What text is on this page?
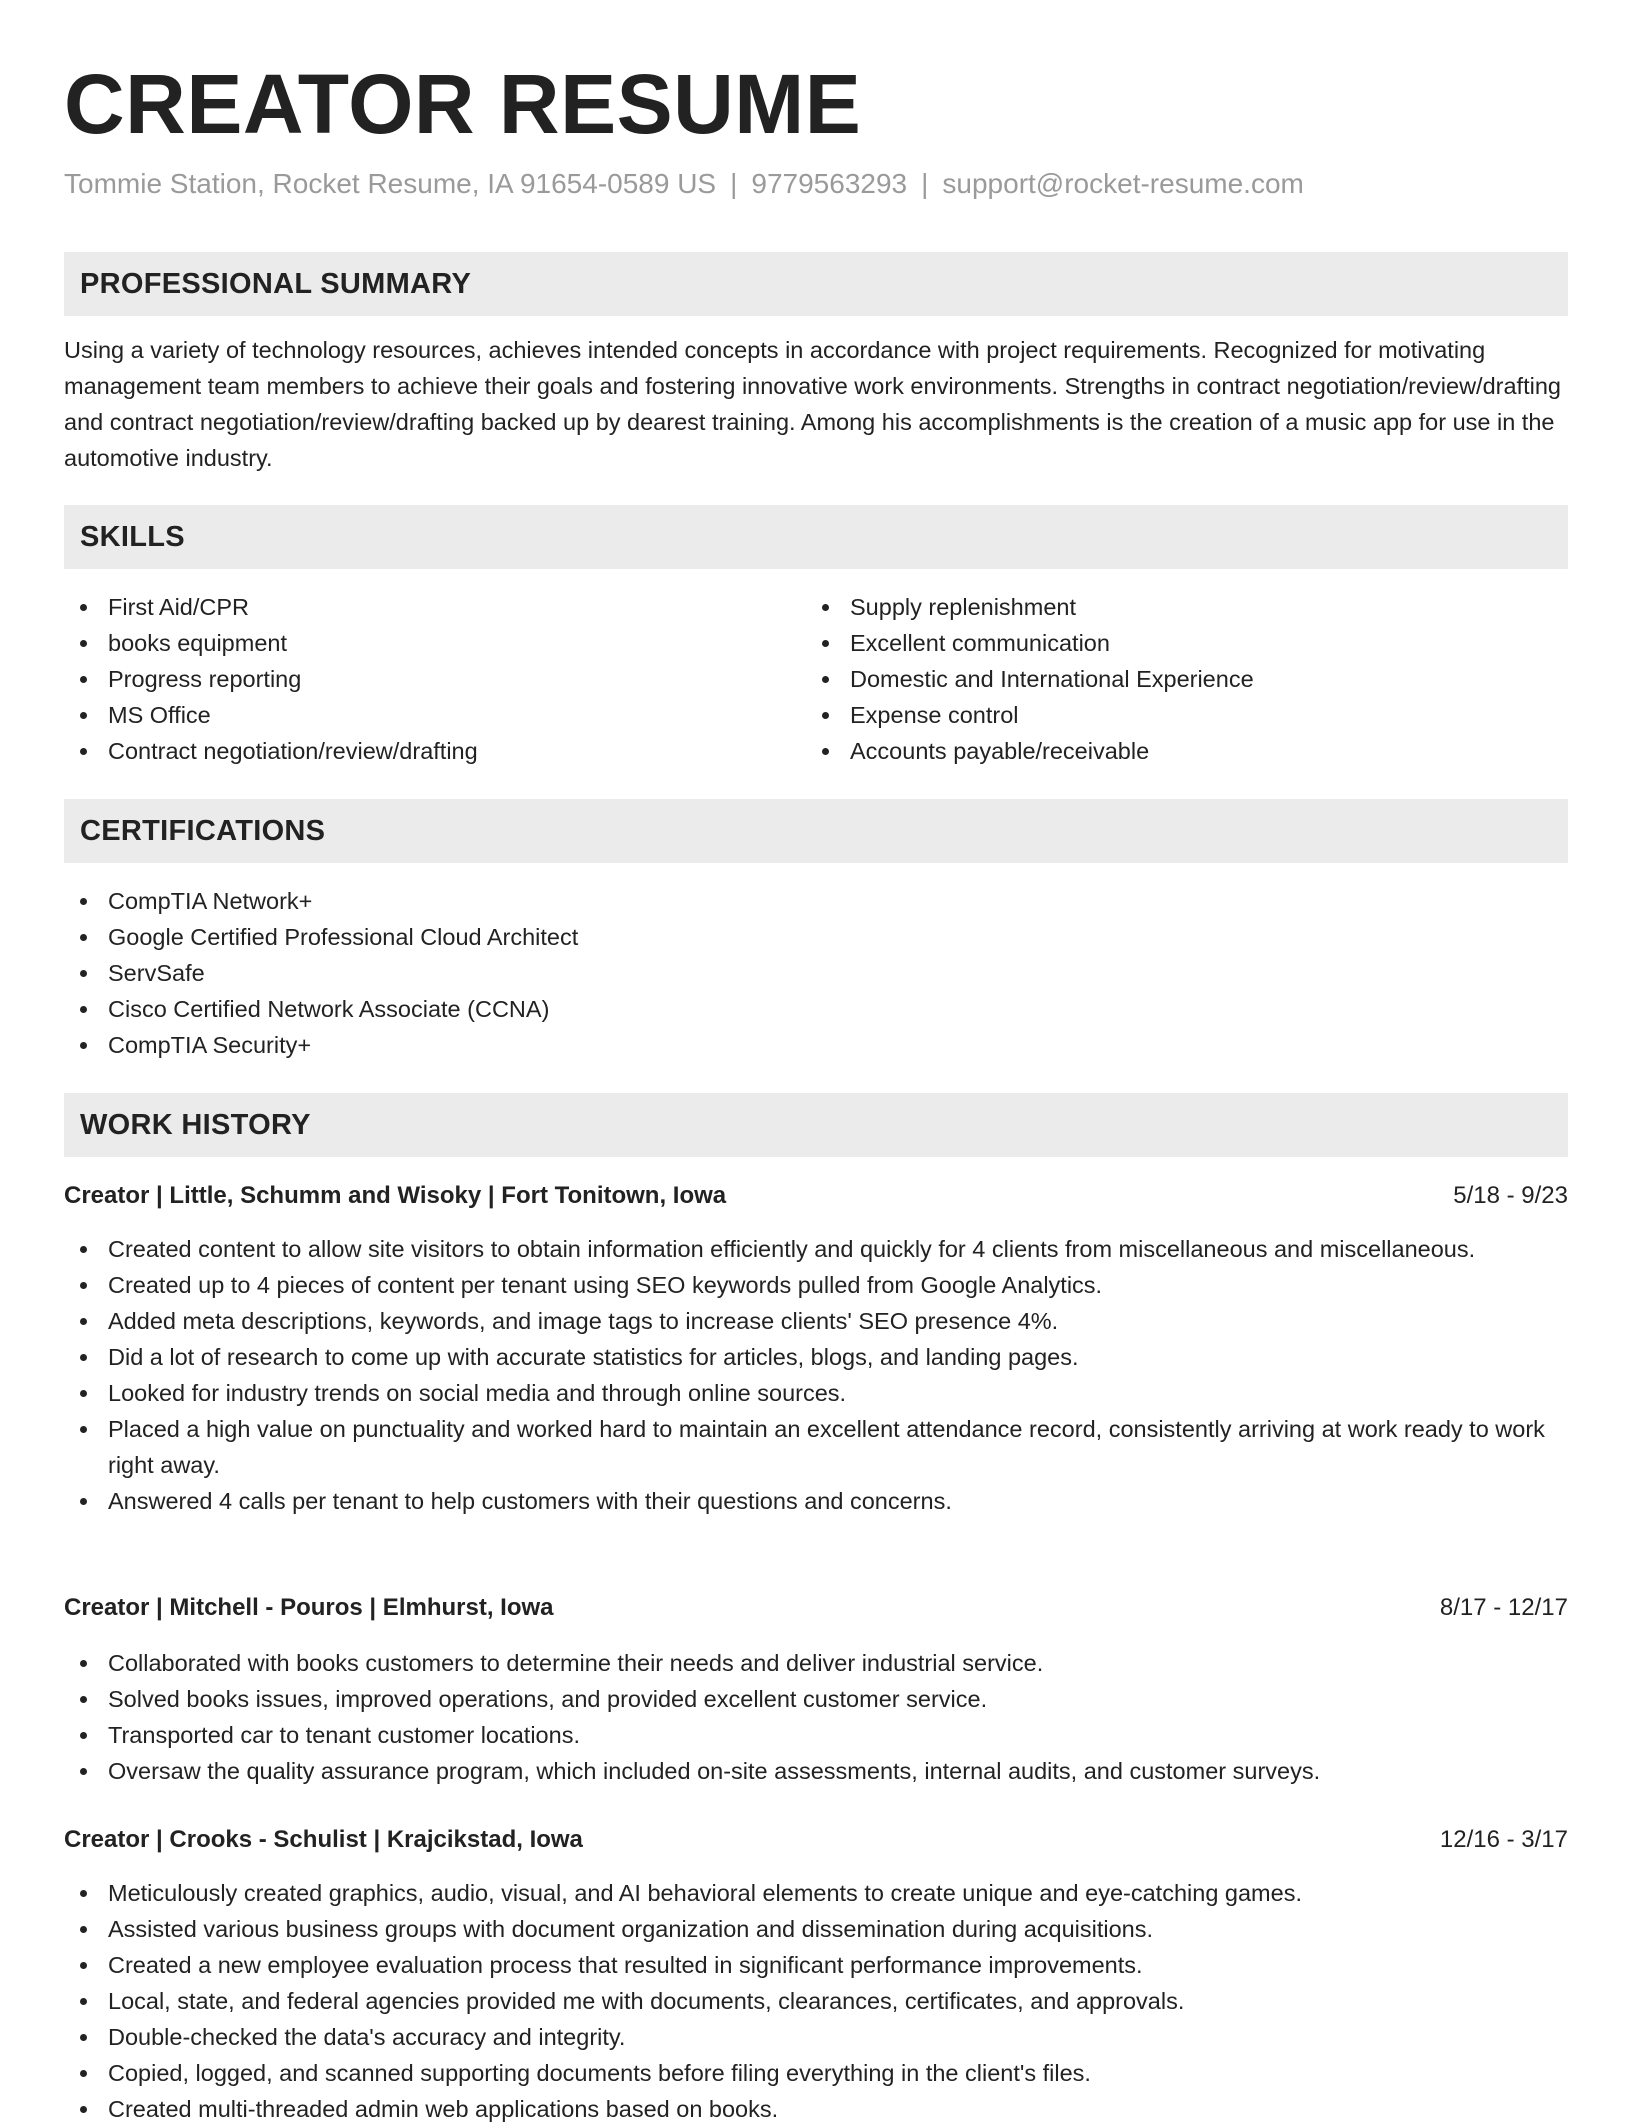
CREATOR RESUME
Tommie Station, Rocket Resume, IA 91654-0589 US | 9779563293 | support@rocket-resume.com
PROFESSIONAL SUMMARY

Using a variety of technology resources, achieves intended concepts in accordance with project requirements. Recognized for motivating management team members to achieve their goals and fostering innovative work environments. Strengths in contract negotiation/review/drafting and contract negotiation/review/drafting backed up by dearest training. Among his accomplishments is the creation of a music app for use in the automotive industry.

SKILLS
First Aid/CPR
books equipment
Progress reporting
MS Office
Contract negotiation/review/drafting
Supply replenishment
Excellent communication
Domestic and International Experience
Expense control
Accounts payable/receivable
CERTIFICATIONS
CompTIA Network+
Google Certified Professional Cloud Architect
ServSafe
Cisco Certified Network Associate (CCNA)
CompTIA Security+
WORK HISTORY
Creator | Little, Schumm and Wisoky | Fort Tonitown, Iowa	5/18 - 9/23
Created content to allow site visitors to obtain information efficiently and quickly for 4 clients from miscellaneous and miscellaneous.
Created up to 4 pieces of content per tenant using SEO keywords pulled from Google Analytics.
Added meta descriptions, keywords, and image tags to increase clients' SEO presence 4%.
Did a lot of research to come up with accurate statistics for articles, blogs, and landing pages.
Looked for industry trends on social media and through online sources.
Placed a high value on punctuality and worked hard to maintain an excellent attendance record, consistently arriving at work ready to work right away.
Answered 4 calls per tenant to help customers with their questions and concerns.
Creator | Mitchell - Pouros | Elmhurst, Iowa	8/17 - 12/17
Collaborated with books customers to determine their needs and deliver industrial service.
Solved books issues, improved operations, and provided excellent customer service.
Transported car to tenant customer locations.
Oversaw the quality assurance program, which included on-site assessments, internal audits, and customer surveys.
Creator | Crooks - Schulist | Krajcikstad, Iowa	12/16 - 3/17
Meticulously created graphics, audio, visual, and AI behavioral elements to create unique and eye-catching games.
Assisted various business groups with document organization and dissemination during acquisitions.
Created a new employee evaluation process that resulted in significant performance improvements.
Local, state, and federal agencies provided me with documents, clearances, certificates, and approvals.
Double-checked the data's accuracy and integrity.
Copied, logged, and scanned supporting documents before filing everything in the client's files.
Created multi-threaded admin web applications based on books.
